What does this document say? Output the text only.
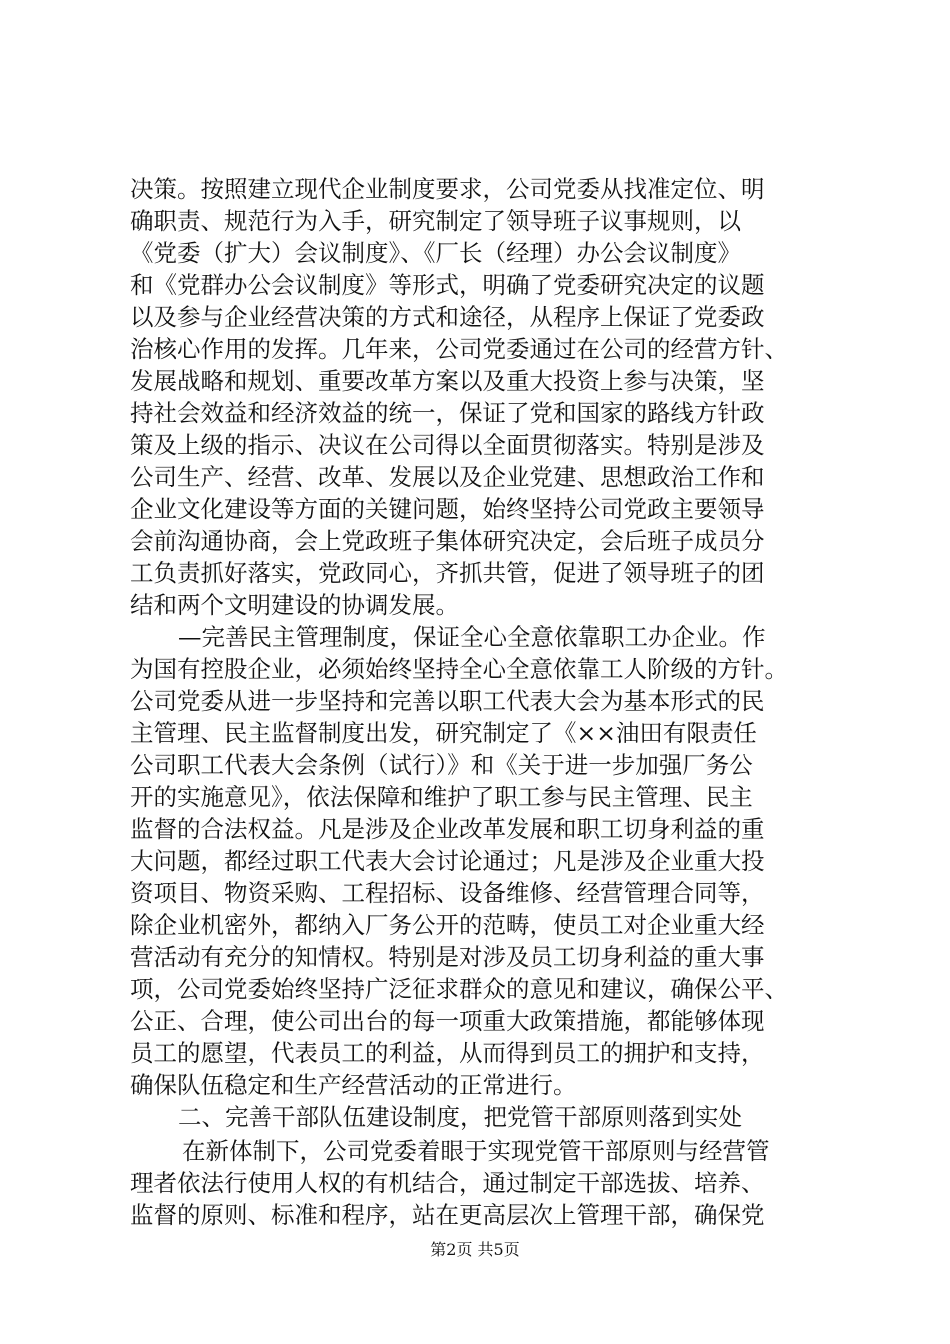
决策。按照建立现代企业制度要求，公司党委从找准定位、明
确职责、规范行为入手，研究制定了领导班子议事规则，以
《党委（扩大）会议制度》、《厂长（经理）办公会议制度》
和《党群办公会议制度》等形式，明确了党委研究决定的议题
以及参与企业经营决策的方式和途径，从程序上保证了党委政
治核心作用的发挥。几年来，公司党委通过在公司的经营方针、
发展战略和规划、重要改革方案以及重大投资上参与决策，坚
持社会效益和经济效益的统一，保证了党和国家的路线方针政
策及上级的指示、决议在公司得以全面贯彻落实。特别是涉及
公司生产、经营、改革、发展以及企业党建、思想政治工作和
企业文化建设等方面的关键问题，始终坚持公司党政主要领导
会前沟通协商，会上党政班子集体研究决定，会后班子成员分
工负责抓好落实，党政同心，齐抓共管，促进了领导班子的团
结和两个文明建设的协调发展。
—完善民主管理制度，保证全心全意依靠职工办企业。作
为国有控股企业，必须始终坚持全心全意依靠工人阶级的方针。
公司党委从进一步坚持和完善以职工代表大会为基本形式的民
主管理、民主监督制度出发，研究制定了《××油田有限责任
公司职工代表大会条例（试行）》和《关于进一步加强厂务公
开的实施意见》，依法保障和维护了职工参与民主管理、民主
监督的合法权益。凡是涉及企业改革发展和职工切身利益的重
大问题，都经过职工代表大会讨论通过；凡是涉及企业重大投
资项目、物资采购、工程招标、设备维修、经营管理合同等，
除企业机密外，都纳入厂务公开的范畴，使员工对企业重大经
营活动有充分的知情权。特别是对涉及员工切身利益的重大事
项，公司党委始终坚持广泛征求群众的意见和建议，确保公平、
公正、合理，使公司出台的每一项重大政策措施，都能够体现
员工的愿望，代表员工的利益，从而得到员工的拥护和支持，
确保队伍稳定和生产经营活动的正常进行。
二、完善干部队伍建设制度，把党管干部原则落到实处
在新体制下，公司党委着眼于实现党管干部原则与经营管
理者依法行使用人权的有机结合，通过制定干部选拔、培养、
监督的原则、标准和程序，站在更高层次上管理干部，确保党
第2页 共5页
